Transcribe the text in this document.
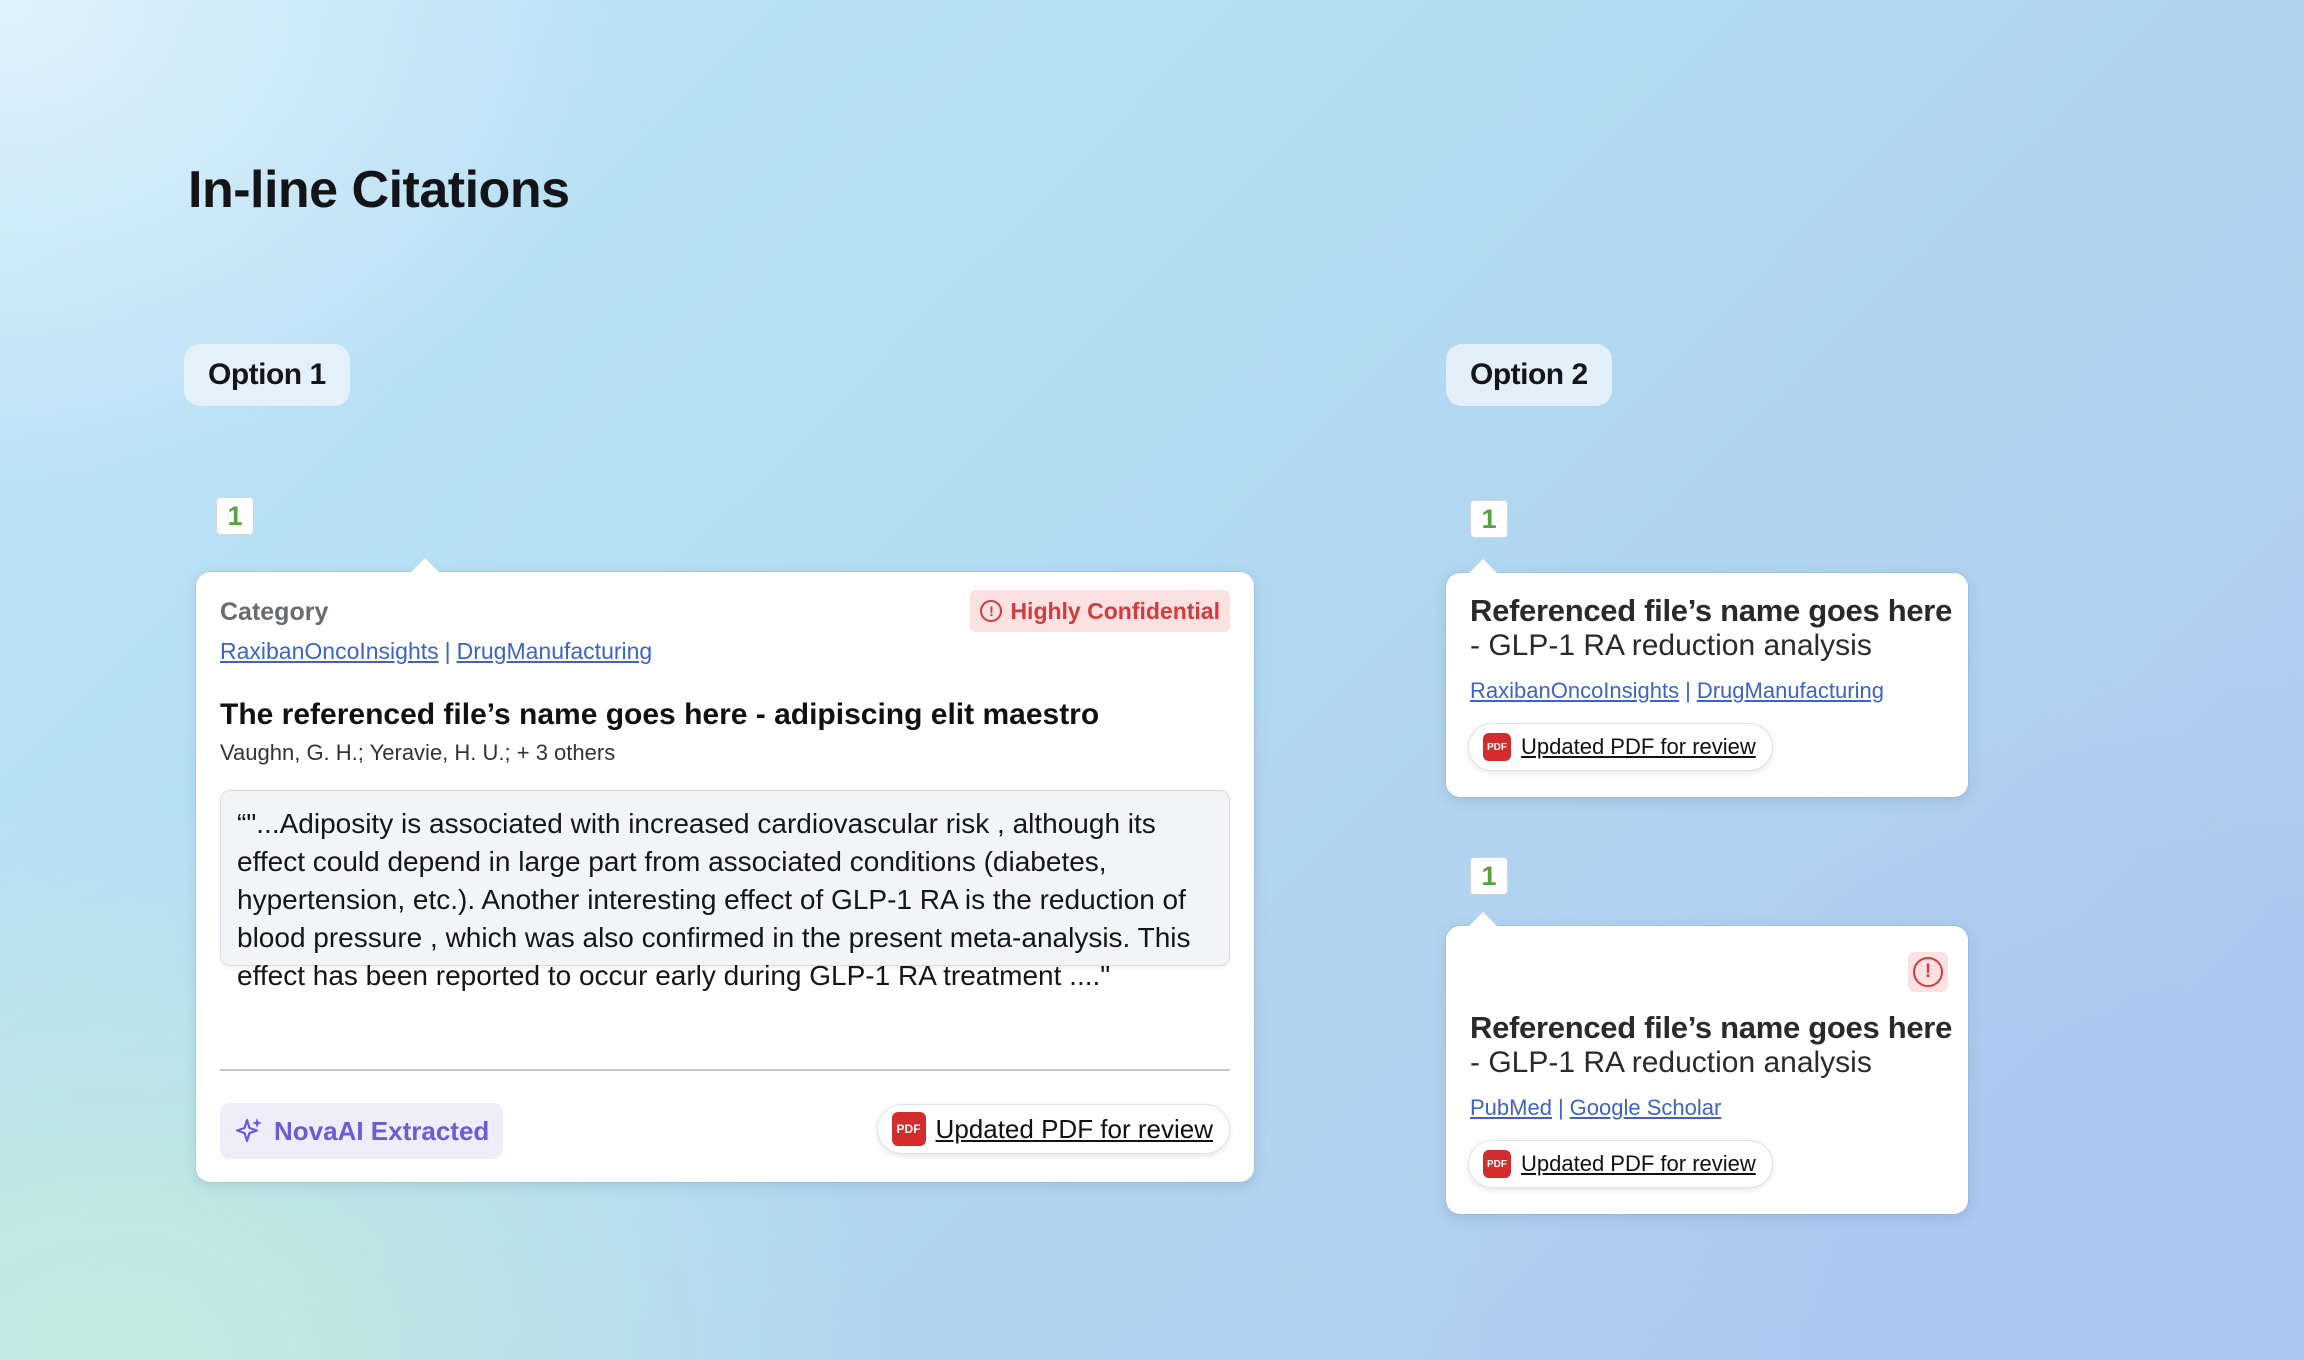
In-line Citations
Option 1
1
Category
RaxibanOncoInsights | DrugManufacturing
! Highly Confidential
The referenced file’s name goes here - adipiscing elit maestro
Vaughn, G. H.; Yeravie, H. U.; + 3 others
“"...Adiposity is associated with increased cardiovascular risk , although its effect could depend in large part from associated conditions (diabetes, hypertension, etc.). Another interesting effect of GLP-1 RA is the reduction of blood pressure , which was also confirmed in the present meta-analysis. This effect has been reported to occur early during GLP-1 RA treatment ...."
NovaAI Extracted	PDF Updated PDF for review
Option 2
1
Referenced file’s name goes here
- GLP-1 RA reduction analysis
RaxibanOncoInsights | DrugManufacturing
PDF Updated PDF for review
1
!
Referenced file’s name goes here
- GLP-1 RA reduction analysis
PubMed | Google Scholar
PDF Updated PDF for review
